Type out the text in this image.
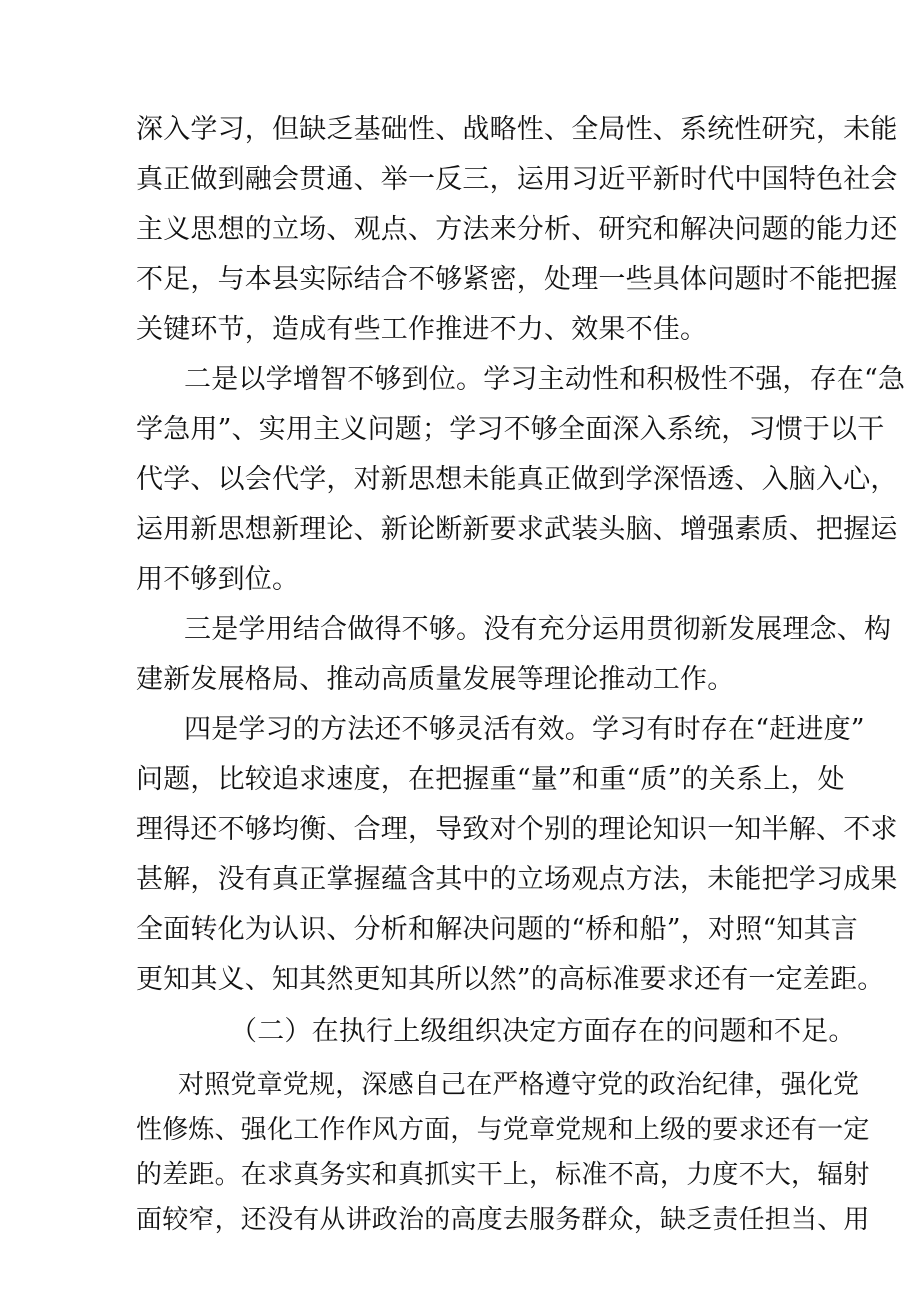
深入学习，但缺乏基础性、战略性、全局性、系统性研究，未能
真正做到融会贯通、举一反三，运用习近平新时代中国特色社会
主义思想的立场、观点、方法来分析、研究和解决问题的能力还
不足，与本县实际结合不够紧密，处理一些具体问题时不能把握
关键环节，造成有些工作推进不力、效果不佳。
二是以学增智不够到位。学习主动性和积极性不强，存在“急
学急用”、实用主义问题；学习不够全面深入系统，习惯于以干
代学、以会代学，对新思想未能真正做到学深悟透、入脑入心，
运用新思想新理论、新论断新要求武装头脑、增强素质、把握运
用不够到位。
三是学用结合做得不够。没有充分运用贯彻新发展理念、构
建新发展格局、推动高质量发展等理论推动工作。
四是学习的方法还不够灵活有效。学习有时存在“赶进度”
问题，比较追求速度，在把握重“量”和重“质”的关系上，处
理得还不够均衡、合理，导致对个别的理论知识一知半解、不求
甚解，没有真正掌握蕴含其中的立场观点方法，未能把学习成果
全面转化为认识、分析和解决问题的“桥和船”，对照“知其言
更知其义、知其然更知其所以然”的高标准要求还有一定差距。
（二）在执行上级组织决定方面存在的问题和不足。
对照党章党规，深感自己在严格遵守党的政治纪律，强化党
性修炼、强化工作作风方面，与党章党规和上级的要求还有一定
的差距。在求真务实和真抓实干上，标准不高，力度不大，辐射
面较窄，还没有从讲政治的高度去服务群众，缺乏责任担当、用
